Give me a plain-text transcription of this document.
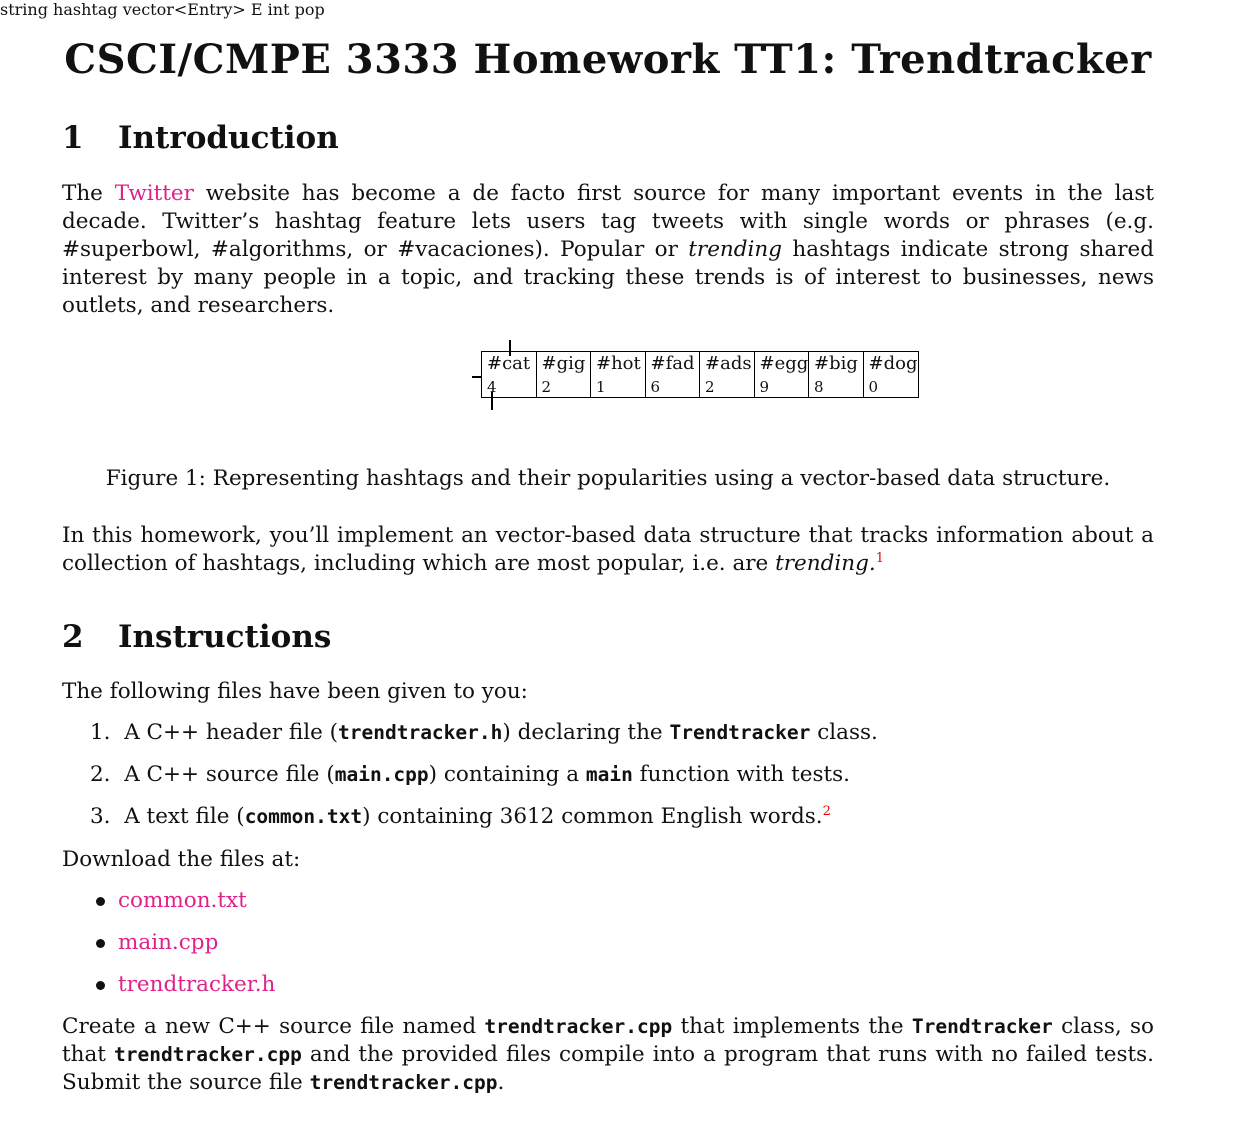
CSCI/CMPE 3333 Homework TT1: Trendtracker
1 Introduction
The Twitter website has become a de facto first source for many important events in the last decade. Twitter’s hashtag feature lets users tag tweets with single words or phrases (e.g. #superbowl, #algorithms, or #vacaciones). Popular or trending hashtags indicate strong shared interest by many people in a topic, and tracking these trends is of interest to businesses, news outlets, and researchers.
string hashtag vector<Entry> E int pop
#cat
4
#gig
2
#hot
1
#fad
6
#ads
2
#egg
9
#big
8
#dog
0
Figure 1: Representing hashtags and their popularities using a vector-based data structure.
In this homework, you’ll implement an vector-based data structure that tracks information about a collection of hashtags, including which are most popular, i.e. are trending.$^1$
2 Instructions
The following files have been given to you:
1.  A C++ header file (trendtracker.h) declaring the Trendtracker class.
2.  A C++ source file (main.cpp) containing a main function with tests.
3.  A text file (common.txt) containing 3612 common English words.$^2$
Download the files at:
common.txt
main.cpp
trendtracker.h
Create a new C++ source file named trendtracker.cpp that implements the Trendtracker class, so that trendtracker.cpp and the provided files compile into a program that runs with no failed tests. Submit the source file trendtracker.cpp.
